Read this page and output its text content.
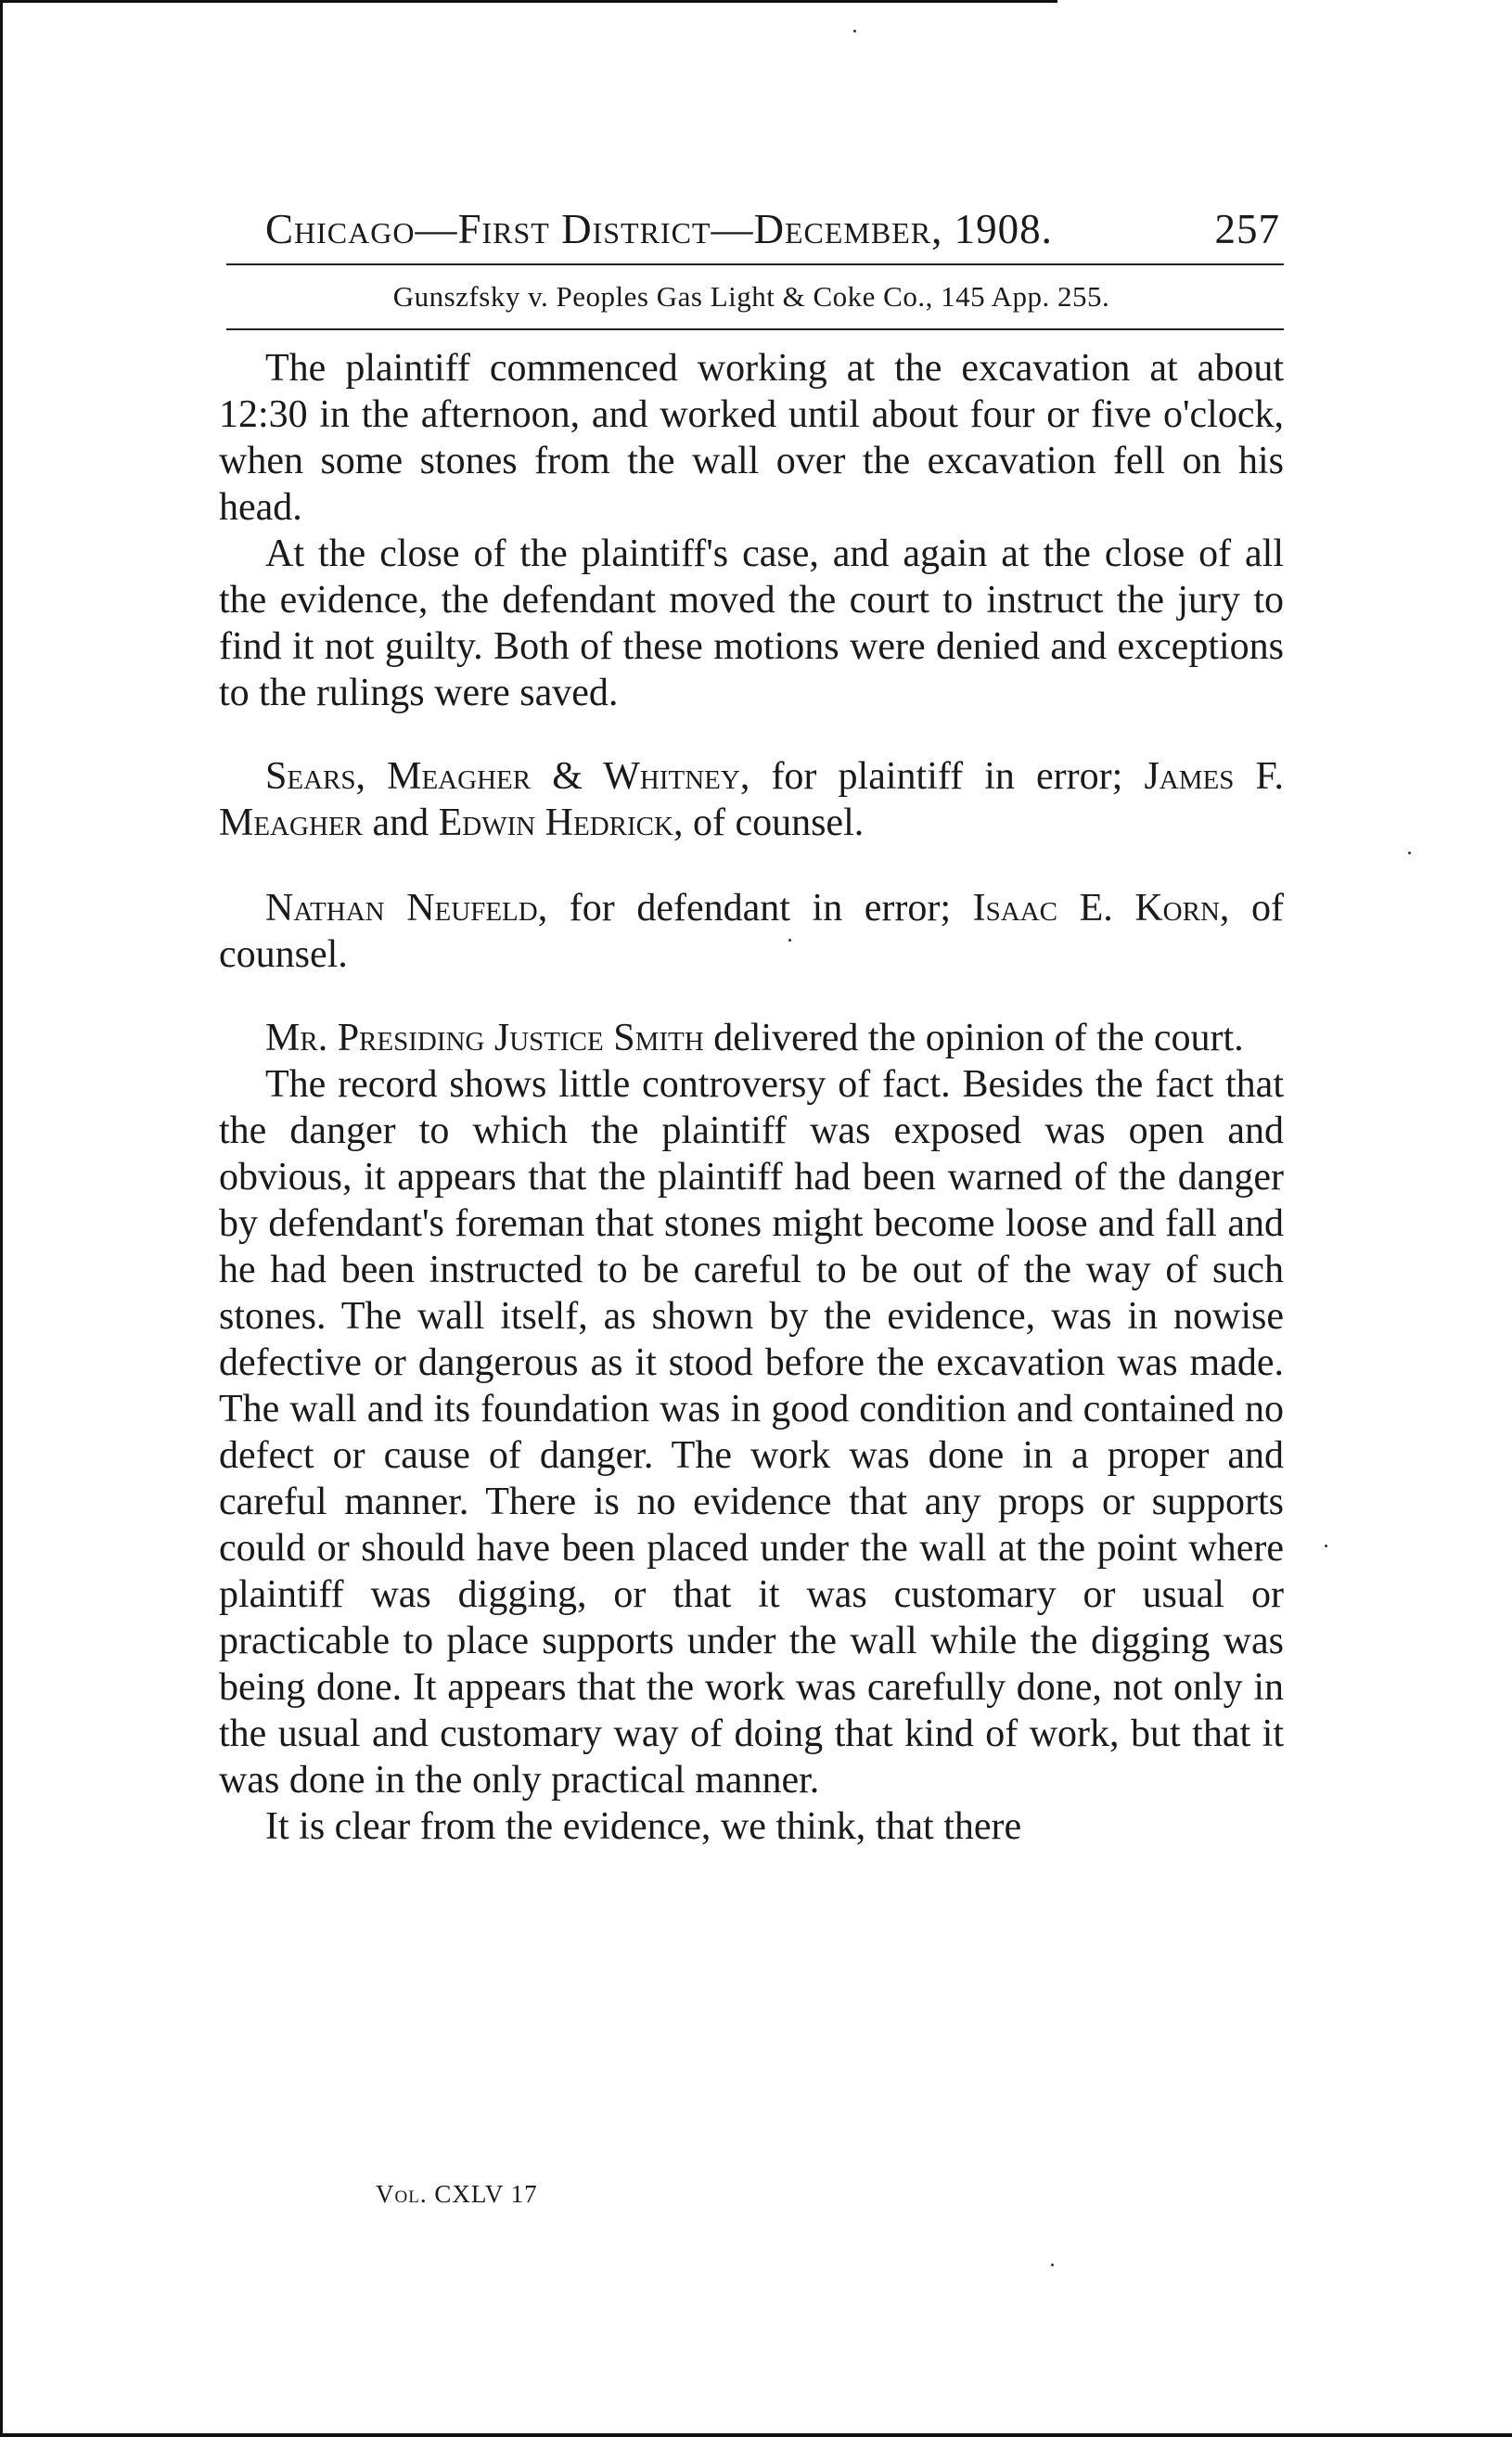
Chicago—First District—December, 1908.	257
Gunszfsky v. Peoples Gas Light & Coke Co., 145 App. 255.

The plaintiff commenced working at the excavation at about 12:30 in the afternoon, and worked until about four or five o'clock, when some stones from the wall over the excavation fell on his head.

At the close of the plaintiff's case, and again at the close of all the evidence, the defendant moved the court to instruct the jury to find it not guilty. Both of these motions were denied and exceptions to the rulings were saved.

Sears, Meagher & Whitney, for plaintiff in error; James F. Meagher and Edwin Hedrick, of counsel.

Nathan Neufeld, for defendant in error; Isaac E. Korn, of counsel.

Mr. Presiding Justice Smith delivered the opinion of the court.

The record shows little controversy of fact. Besides the fact that the danger to which the plaintiff was exposed was open and obvious, it appears that the plaintiff had been warned of the danger by defendant's foreman that stones might become loose and fall and he had been instructed to be careful to be out of the way of such stones. The wall itself, as shown by the evidence, was in nowise defective or dangerous as it stood before the excavation was made. The wall and its foundation was in good condition and contained no defect or cause of danger. The work was done in a proper and careful manner. There is no evidence that any props or supports could or should have been placed under the wall at the point where plaintiff was digging, or that it was customary or usual or practicable to place supports under the wall while the digging was being done. It appears that the work was carefully done, not only in the usual and customary way of doing that kind of work, but that it was done in the only practical manner.

It is clear from the evidence, we think, that there

Vol. CXLV 17
